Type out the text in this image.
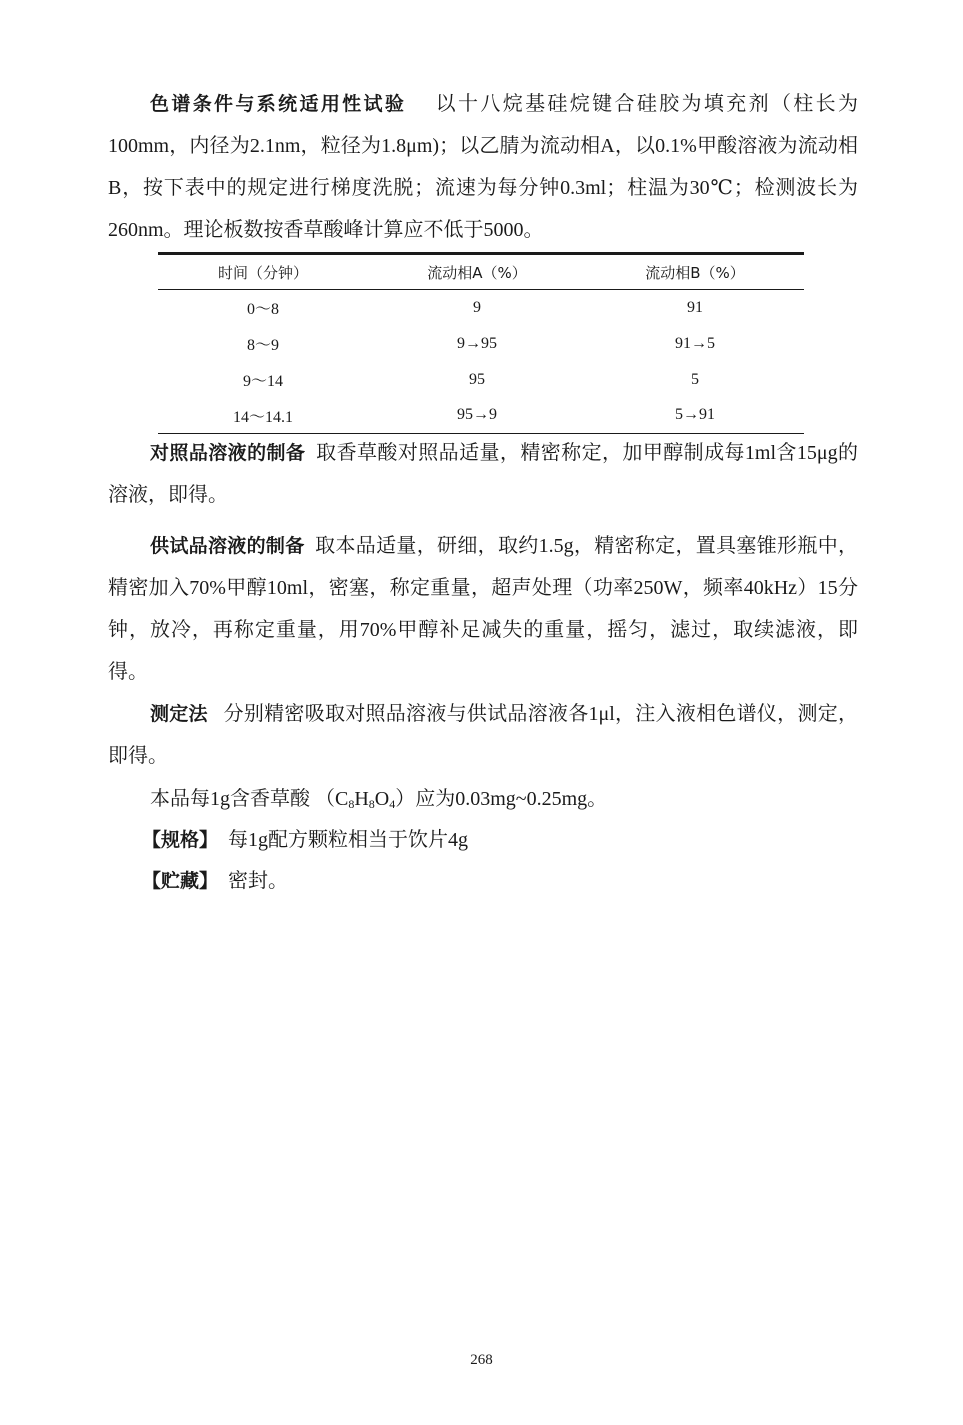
色谱条件与系统适用性试验 以十八烷基硅烷键合硅胶为填充剂（柱长为100mm，内径为2.1nm，粒径为1.8μm)；以乙腈为流动相A，以0.1%甲酸溶液为流动相B，按下表中的规定进行梯度洗脱；流速为每分钟0.3ml；柱温为30℃；检测波长为260nm。理论板数按香草酸峰计算应不低于5000。

时间（分钟）	流动相A（%）	流动相B（%）
0～8	9	91
8～9	9→95	91→5
9～14	95	5
14～14.1	95→9	5→91

对照品溶液的制备 取香草酸对照品适量，精密称定，加甲醇制成每1ml含15μg的溶液，即得。

供试品溶液的制备 取本品适量，研细，取约1.5g，精密称定，置具塞锥形瓶中，精密加入70%甲醇10ml，密塞，称定重量，超声处理（功率250W，频率40kHz）15分钟，放冷，再称定重量，用70%甲醇补足减失的重量，摇匀，滤过，取续滤液，即得。

测定法 分别精密吸取对照品溶液与供试品溶液各1μl，注入液相色谱仪，测定，即得。

本品每1g含香草酸 $(C_8H_8O_4)$应为0.03mg~0.25mg。

【规格】 每1g配方颗粒相当于饮片4g

【贮藏】 密封。

268
